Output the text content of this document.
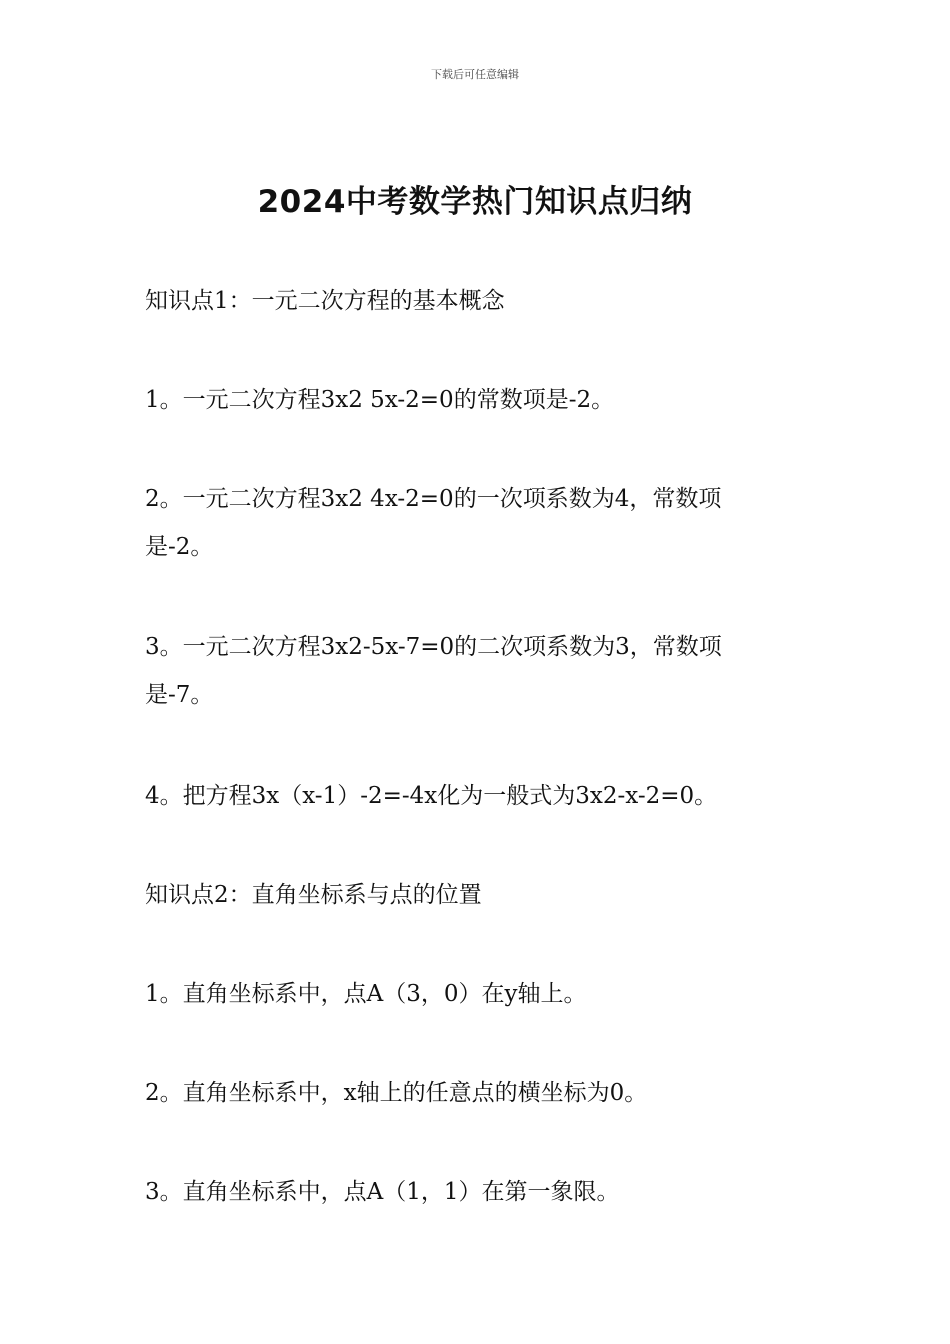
下载后可任意编辑
2024中考数学热门知识点归纳

知识点1：一元二次方程的基本概念

1。一元二次方程3x2 5x-2=0的常数项是-2。

2。一元二次方程3x2 4x-2=0的一次项系数为4，常数项
是-2。

3。一元二次方程3x2-5x-7=0的二次项系数为3，常数项
是-7。

4。把方程3x（x-1）-2=-4x化为一般式为3x2-x-2=0。

知识点2：直角坐标系与点的位置

1。直角坐标系中，点A（3，0）在y轴上。

2。直角坐标系中，x轴上的任意点的横坐标为0。

3。直角坐标系中，点A（1，1）在第一象限。
